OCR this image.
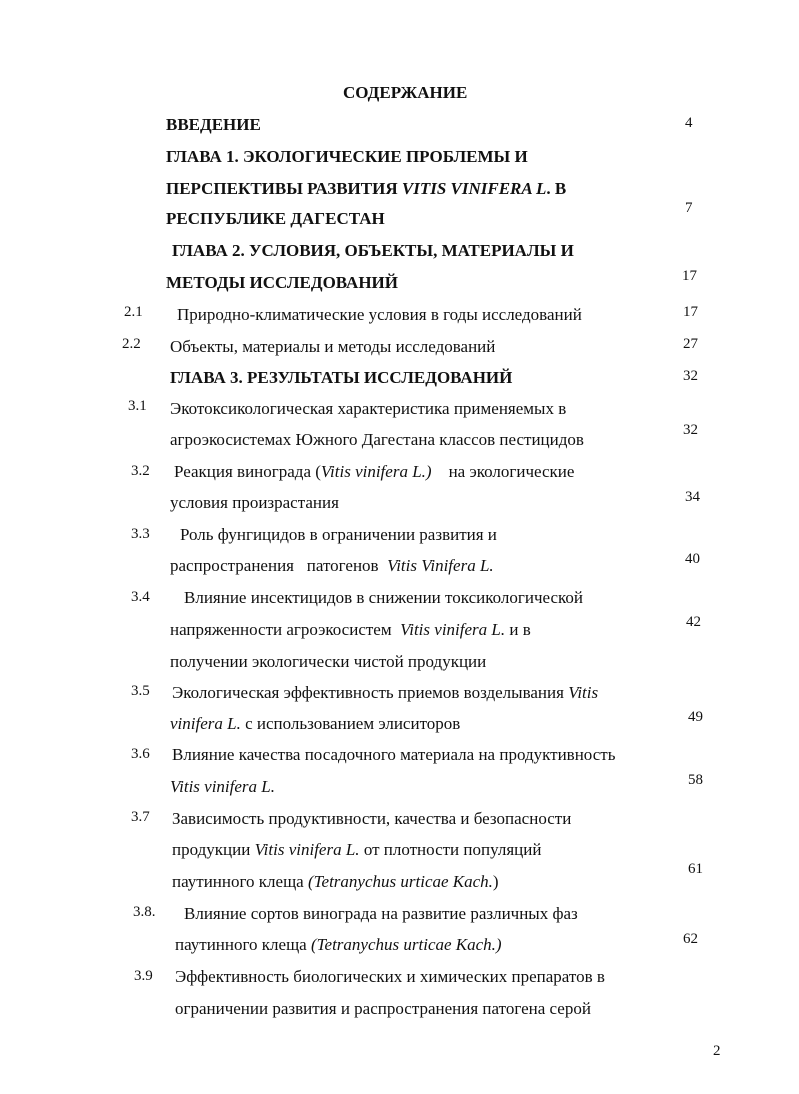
СОДЕРЖАНИЕ
ВВЕДЕНИЕ	4
ГЛАВА 1. ЭКОЛОГИЧЕСКИЕ ПРОБЛЕМЫ И
ПЕРСПЕКТИВЫ РАЗВИТИЯ VITIS VINIFERA L. В
РЕСПУБЛИКЕ ДАГЕСТАН
7
ГЛАВА 2. УСЛОВИЯ, ОБЪЕКТЫ, МАТЕРИАЛЫ И
МЕТОДЫ ИССЛЕДОВАНИЙ	17
2.1 Природно-климатические условия в годы исследований	17
2.2 Объекты, материалы и методы исследований	27
ГЛАВА 3. РЕЗУЛЬТАТЫ ИССЛЕДОВАНИЙ	32
3.1 Экотоксикологическая характеристика применяемых в
агроэкосистемах Южного Дагестана классов пестицидов	32
3.2 Реакция винограда (Vitis vinifera L.)    на экологические
условия произрастания	34
3.3 Роль фунгицидов в ограничении развития и
распространения   патогенов  Vitis Vinifera L.	40
3.4 Влияние инсектицидов в снижении токсикологической
напряженности агроэкосистем  Vitis vinifera L. и в
получении экологически чистой продукции
42
3.5 Экологическая эффективность приемов возделывания Vitis
vinifera L. с использованием элиситоров	49
3.6 Влияние качества посадочного материала на продуктивность
Vitis vinifera L.	58
3.7 Зависимость продуктивности, качества и безопасности
продукции Vitis vinifera L. от плотности популяций
паутинного клеща (Tetranychus urticae Kach.)
61
3.8. Влияние сортов винограда на развитие различных фаз
паутинного клеща (Tetranychus urticae Kach.)	62
3.9 Эффективность биологических и химических препаратов в
ограничении развития и распространения патогена серой
2
